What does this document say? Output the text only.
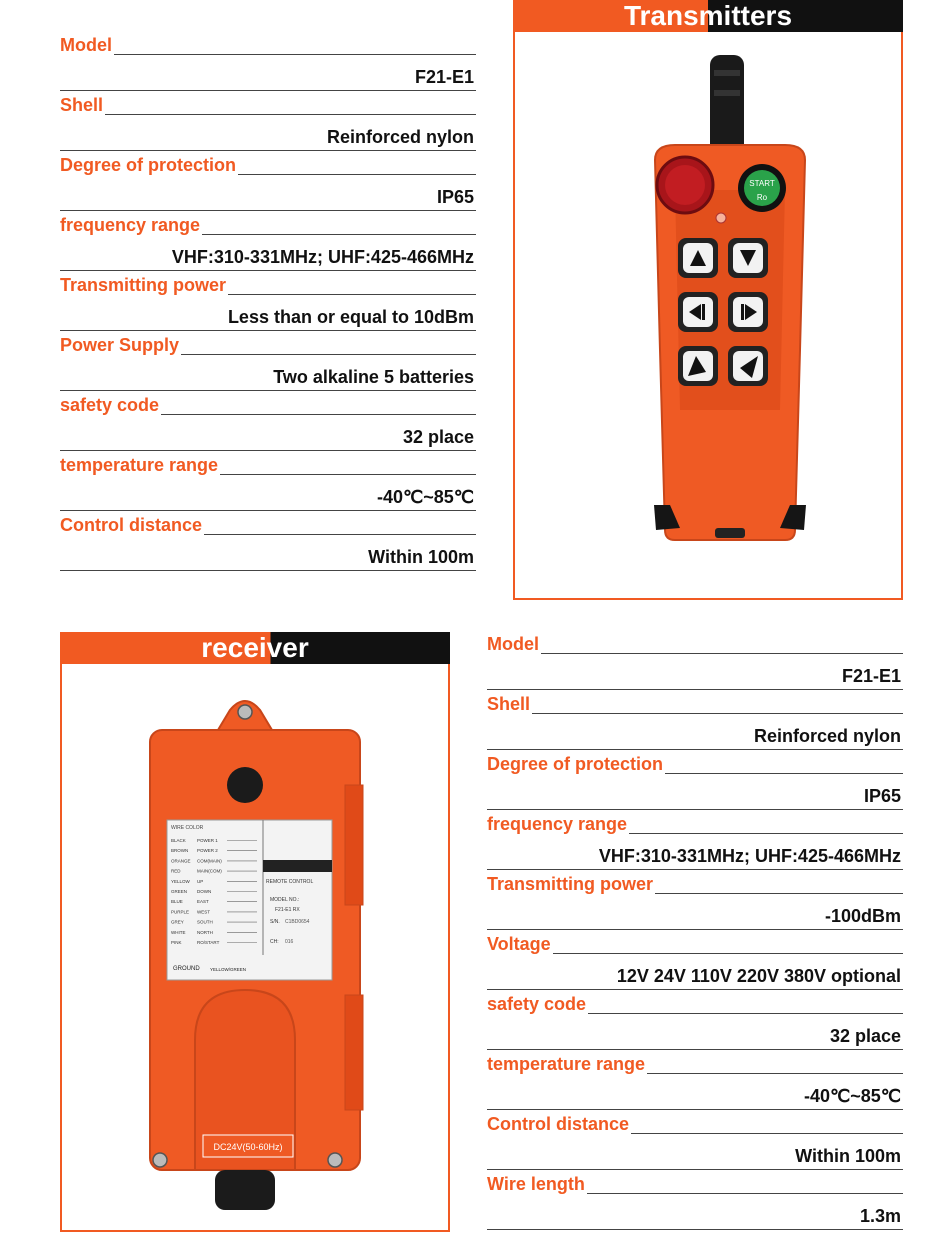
Model
F21-E1
Shell
Reinforced nylon
Degree of protection
IP65
frequency range
VHF:310-331MHz; UHF:425-466MHz
Transmitting power
Less than or equal to 10dBm
Power Supply
Two alkaline 5 batteries
safety code
32 place
temperature range
-40℃~85℃
Control distance
Within 100m
Transmitters
START
Ro
receiver
WIRE COLOR
BLACK POWER 1
BROWN POWER 2
ORANGE COM(MAIN)
RED	MAIN(COM)
YELLOW UP
GREEN DOWN
BLUE	EAST
PURPLE WEST
GREY	SOUTH
WHITE	NORTH
PINK	RO/START
REMOTE CONTROL
MODEL NO.:
F21-E1 RX
S/N. C1BD0654
CH: 016
GROUND YELLOW/GREEN
DC24V(50-60Hz)
Model
F21-E1
Shell
Reinforced nylon
Degree of protection
IP65
frequency range
VHF:310-331MHz; UHF:425-466MHz
Transmitting power
-100dBm
Voltage
12V 24V 110V 220V 380V optional
safety code
32 place
temperature range
-40℃~85℃
Control distance
Within 100m
Wire length
1.3m
